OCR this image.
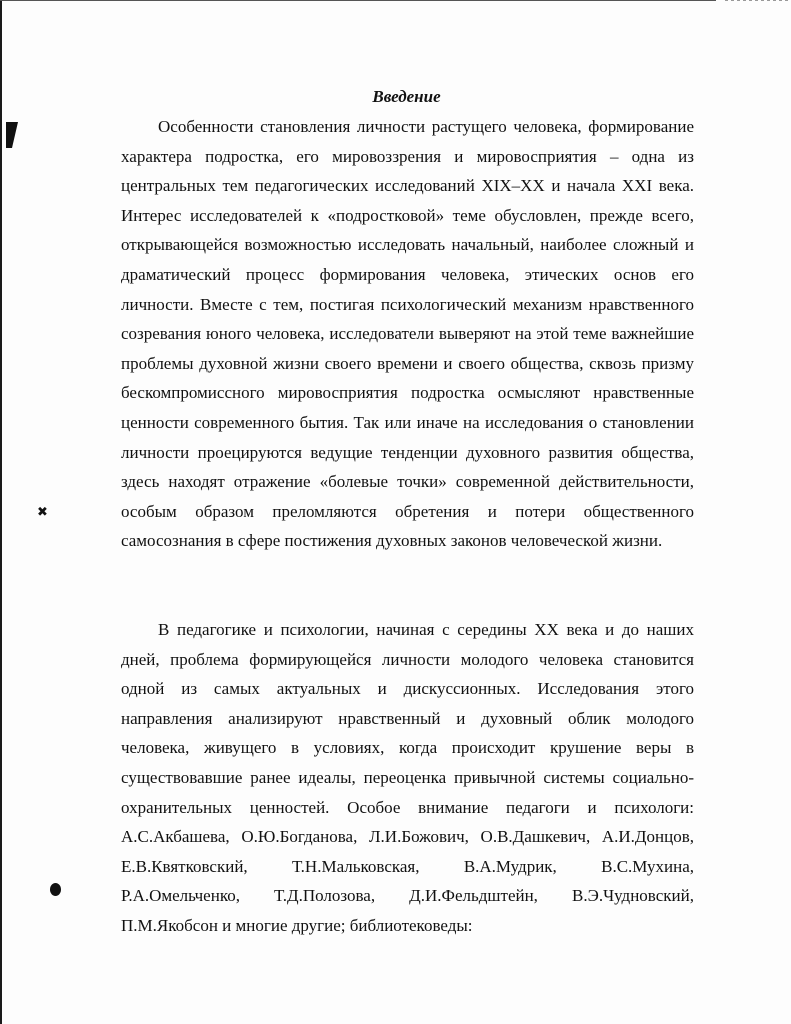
Введение

Особенности становления личности растущего человека, формирование характера подростка, его мировоззрения и мировосприятия – одна из центральных тем педагогических исследований XIX–XX и начала XXI века. Интерес исследователей к «подростковой» теме обусловлен, прежде всего, открывающейся возможностью исследовать начальный, наиболее сложный и драматический процесс формирования человека, этических основ его личности. Вместе с тем, постигая психологический механизм нравственного созревания юного человека, исследователи выверяют на этой теме важнейшие проблемы духовной жизни своего времени и своего общества, сквозь призму бескомпромиссного мировосприятия подростка осмысляют нравственные ценности современного бытия. Так или иначе на исследования о становлении личности проецируются ведущие тенденции духовного развития общества, здесь находят отражение «болевые точки» современной действительности, особым образом преломляются обретения и потери общественного самосознания в сфере постижения духовных законов человеческой жизни.

В педагогике и психологии, начиная с середины XX века и до наших дней, проблема формирующейся личности молодого человека становится одной из самых актуальных и дискуссионных. Исследования этого направления анализируют нравственный и духовный облик молодого человека, живущего в условиях, когда происходит крушение веры в существовавшие ранее идеалы, переоценка привычной системы социально-охранительных ценностей. Особое внимание педагоги и психологи: А.С.Акбашева, О.Ю.Богданова, Л.И.Божович, О.В.Дашкевич, А.И.Донцов, Е.В.Квятковский, Т.Н.Мальковская, В.А.Мудрик, В.С.Мухина, Р.А.Омельченко, Т.Д.Полозова, Д.И.Фельдштейн, В.Э.Чудновский, П.М.Якобсон и многие другие; библиотековеды:

✖
